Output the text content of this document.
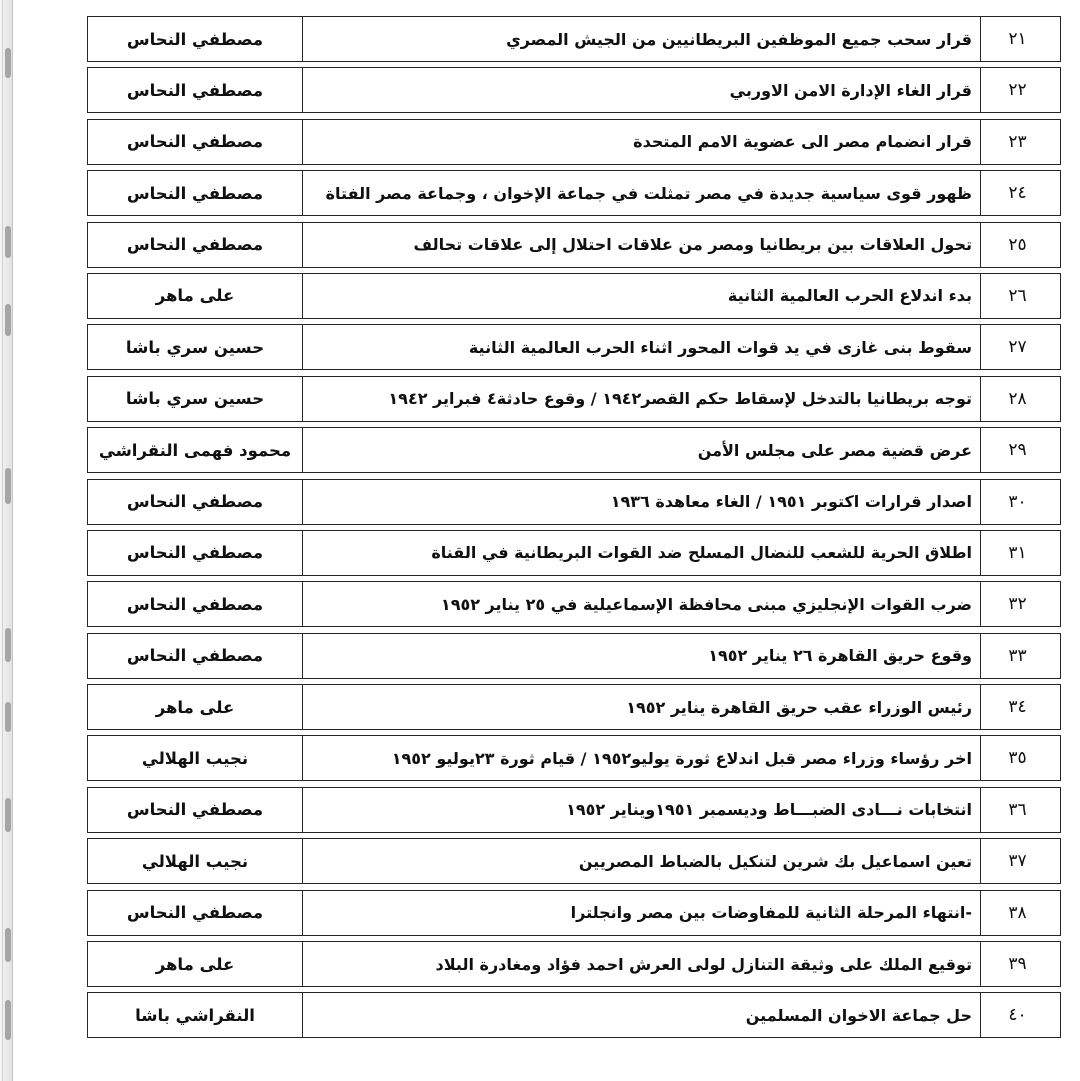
٢١
قرار سحب جميع الموظفين البريطانيين من الجيش المصري
مصطفي النحاس
٢٢
قرار الغاء الإدارة الامن الاوربي
مصطفي النحاس
٢٣
قرار انضمام مصر الى عضوية الامم المتحدة
مصطفي النحاس
٢٤
ظهور قوى سياسية جديدة في مصر تمثلت في جماعة الإخوان ، وجماعة مصر الفتاة
مصطفي النحاس
٢٥
تحول العلاقات بين بريطانيا ومصر من علاقات احتلال إلى علاقات تحالف
مصطفي النحاس
٢٦
بدء اندلاع الحرب العالمية الثانية
على ماهر
٢٧
سقوط بنى غازى في يد قوات المحور اثناء الحرب العالمية الثانية
حسين سري باشا
٢٨
توجه بريطانيا بالتدخل لإسقاط حكم القصر١٩٤٢ / وقوع حادثة٤ فبراير ١٩٤٢
حسين سري باشا
٢٩
عرض قضية مصر على مجلس الأمن
محمود فهمى النقراشي
٣٠
اصدار قرارات اكتوبر ١٩٥١ / الغاء معاهدة ١٩٣٦
مصطفي النحاس
٣١
اطلاق الحرية للشعب للنضال المسلح ضد القوات البريطانية في القناة
مصطفي النحاس
٣٢
ضرب القوات الإنجليزي مبنى محافظة الإسماعيلية في ٢٥ يناير ١٩٥٢
مصطفي النحاس
٣٣
وقوع حريق القاهرة ٢٦ يناير ١٩٥٢
مصطفي النحاس
٣٤
رئيس الوزراء عقب حريق القاهرة يناير ١٩٥٢
على ماهر
٣٥
اخر رؤساء وزراء مصر قبل اندلاع ثورة يوليو١٩٥٢ / قيام ثورة ٢٣يوليو ١٩٥٢
نجيب الهلالي
٣٦
انتخابات نـــادى الضبـــاط وديسمبر ١٩٥١ويناير ١٩٥٢
مصطفي النحاس
٣٧
تعين اسماعيل بك شرين لتنكيل بالضباط المصريين
نجيب الهلالي
٣٨
-انتهاء المرحلة الثانية للمفاوضات بين مصر وانجلترا
مصطفي النحاس
٣٩
توقيع الملك على وثيقة التنازل لولى العرش احمد فؤاد ومغادرة البلاد
على ماهر
٤٠
حل جماعة الاخوان المسلمين
النقراشي باشا
